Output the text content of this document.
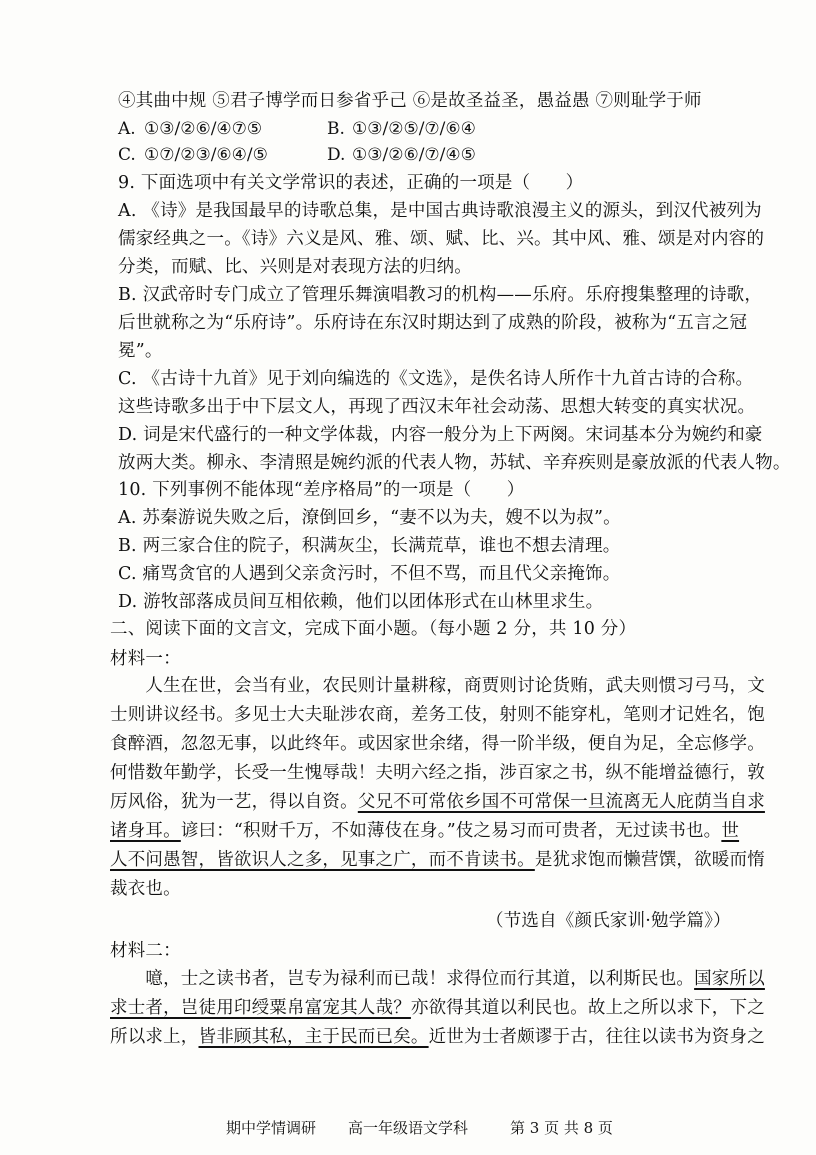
④其曲中规 ⑤君子博学而日参省乎己 ⑥是故圣益圣，愚益愚 ⑦则耻学于师
A. ①③/②⑥/④⑦⑤	B. ①③/②⑤/⑦/⑥④
C. ①⑦/②③/⑥④/⑤	D. ①③/②⑥/⑦/④⑤
9. 下面选项中有关文学常识的表述，正确的一项是（　　）
A. 《诗》是我国最早的诗歌总集，是中国古典诗歌浪漫主义的源头，到汉代被列为
儒家经典之一。《诗》六义是风、雅、颂、赋、比、兴。其中风、雅、颂是对内容的
分类，而赋、比、兴则是对表现方法的归纳。
B. 汉武帝时专门成立了管理乐舞演唱教习的机构——乐府。乐府搜集整理的诗歌，
后世就称之为“乐府诗”。乐府诗在东汉时期达到了成熟的阶段，被称为“五言之冠
冕”。
C. 《古诗十九首》见于刘向编选的《文选》，是佚名诗人所作十九首古诗的合称。
这些诗歌多出于中下层文人，再现了西汉末年社会动荡、思想大转变的真实状况。
D. 词是宋代盛行的一种文学体裁，内容一般分为上下两阕。宋词基本分为婉约和豪
放两大类。柳永、李清照是婉约派的代表人物，苏轼、辛弃疾则是豪放派的代表人物。
10. 下列事例不能体现“差序格局”的一项是（　　）
A. 苏秦游说失败之后，潦倒回乡，“妻不以为夫，嫂不以为叔”。
B. 两三家合住的院子，积满灰尘，长满荒草，谁也不想去清理。
C. 痛骂贪官的人遇到父亲贪污时，不但不骂，而且代父亲掩饰。
D. 游牧部落成员间互相依赖，他们以团体形式在山林里求生。
二、阅读下面的文言文，完成下面小题。（每小题 2 分，共 10 分）
材料一：
　　人生在世，会当有业，农民则计量耕稼，商贾则讨论货贿，武夫则惯习弓马，文
士则讲议经书。多见士大夫耻涉农商，差务工伎，射则不能穿札，笔则才记姓名，饱
食醉酒，忽忽无事，以此终年。或因家世余绪，得一阶半级，便自为足，全忘修学。
何惜数年勤学，长受一生愧辱哉！夫明六经之指，涉百家之书，纵不能增益德行，敦
厉风俗，犹为一艺，得以自资。父兄不可常依乡国不可常保一旦流离无人庇荫当自求
诸身耳。谚曰：“积财千万，不如薄伎在身。”伎之易习而可贵者，无过读书也。世
人不问愚智，皆欲识人之多，见事之广，而不肯读书。是犹求饱而懒营馔，欲暖而惰
裁衣也。
（节选自《颜氏家训·勉学篇》）
材料二：
　　噫，士之读书者，岂专为禄利而已哉！求得位而行其道，以利斯民也。国家所以
求士者，岂徒用印绶粟帛富宠其人哉？亦欲得其道以利民也。故上之所以求下，下之
所以求上，皆非顾其私，主于民而已矣。近世为士者颇谬于古，往往以读书为资身之
期中学情调研 高一年级语文学科	第 3 页 共 8 页
